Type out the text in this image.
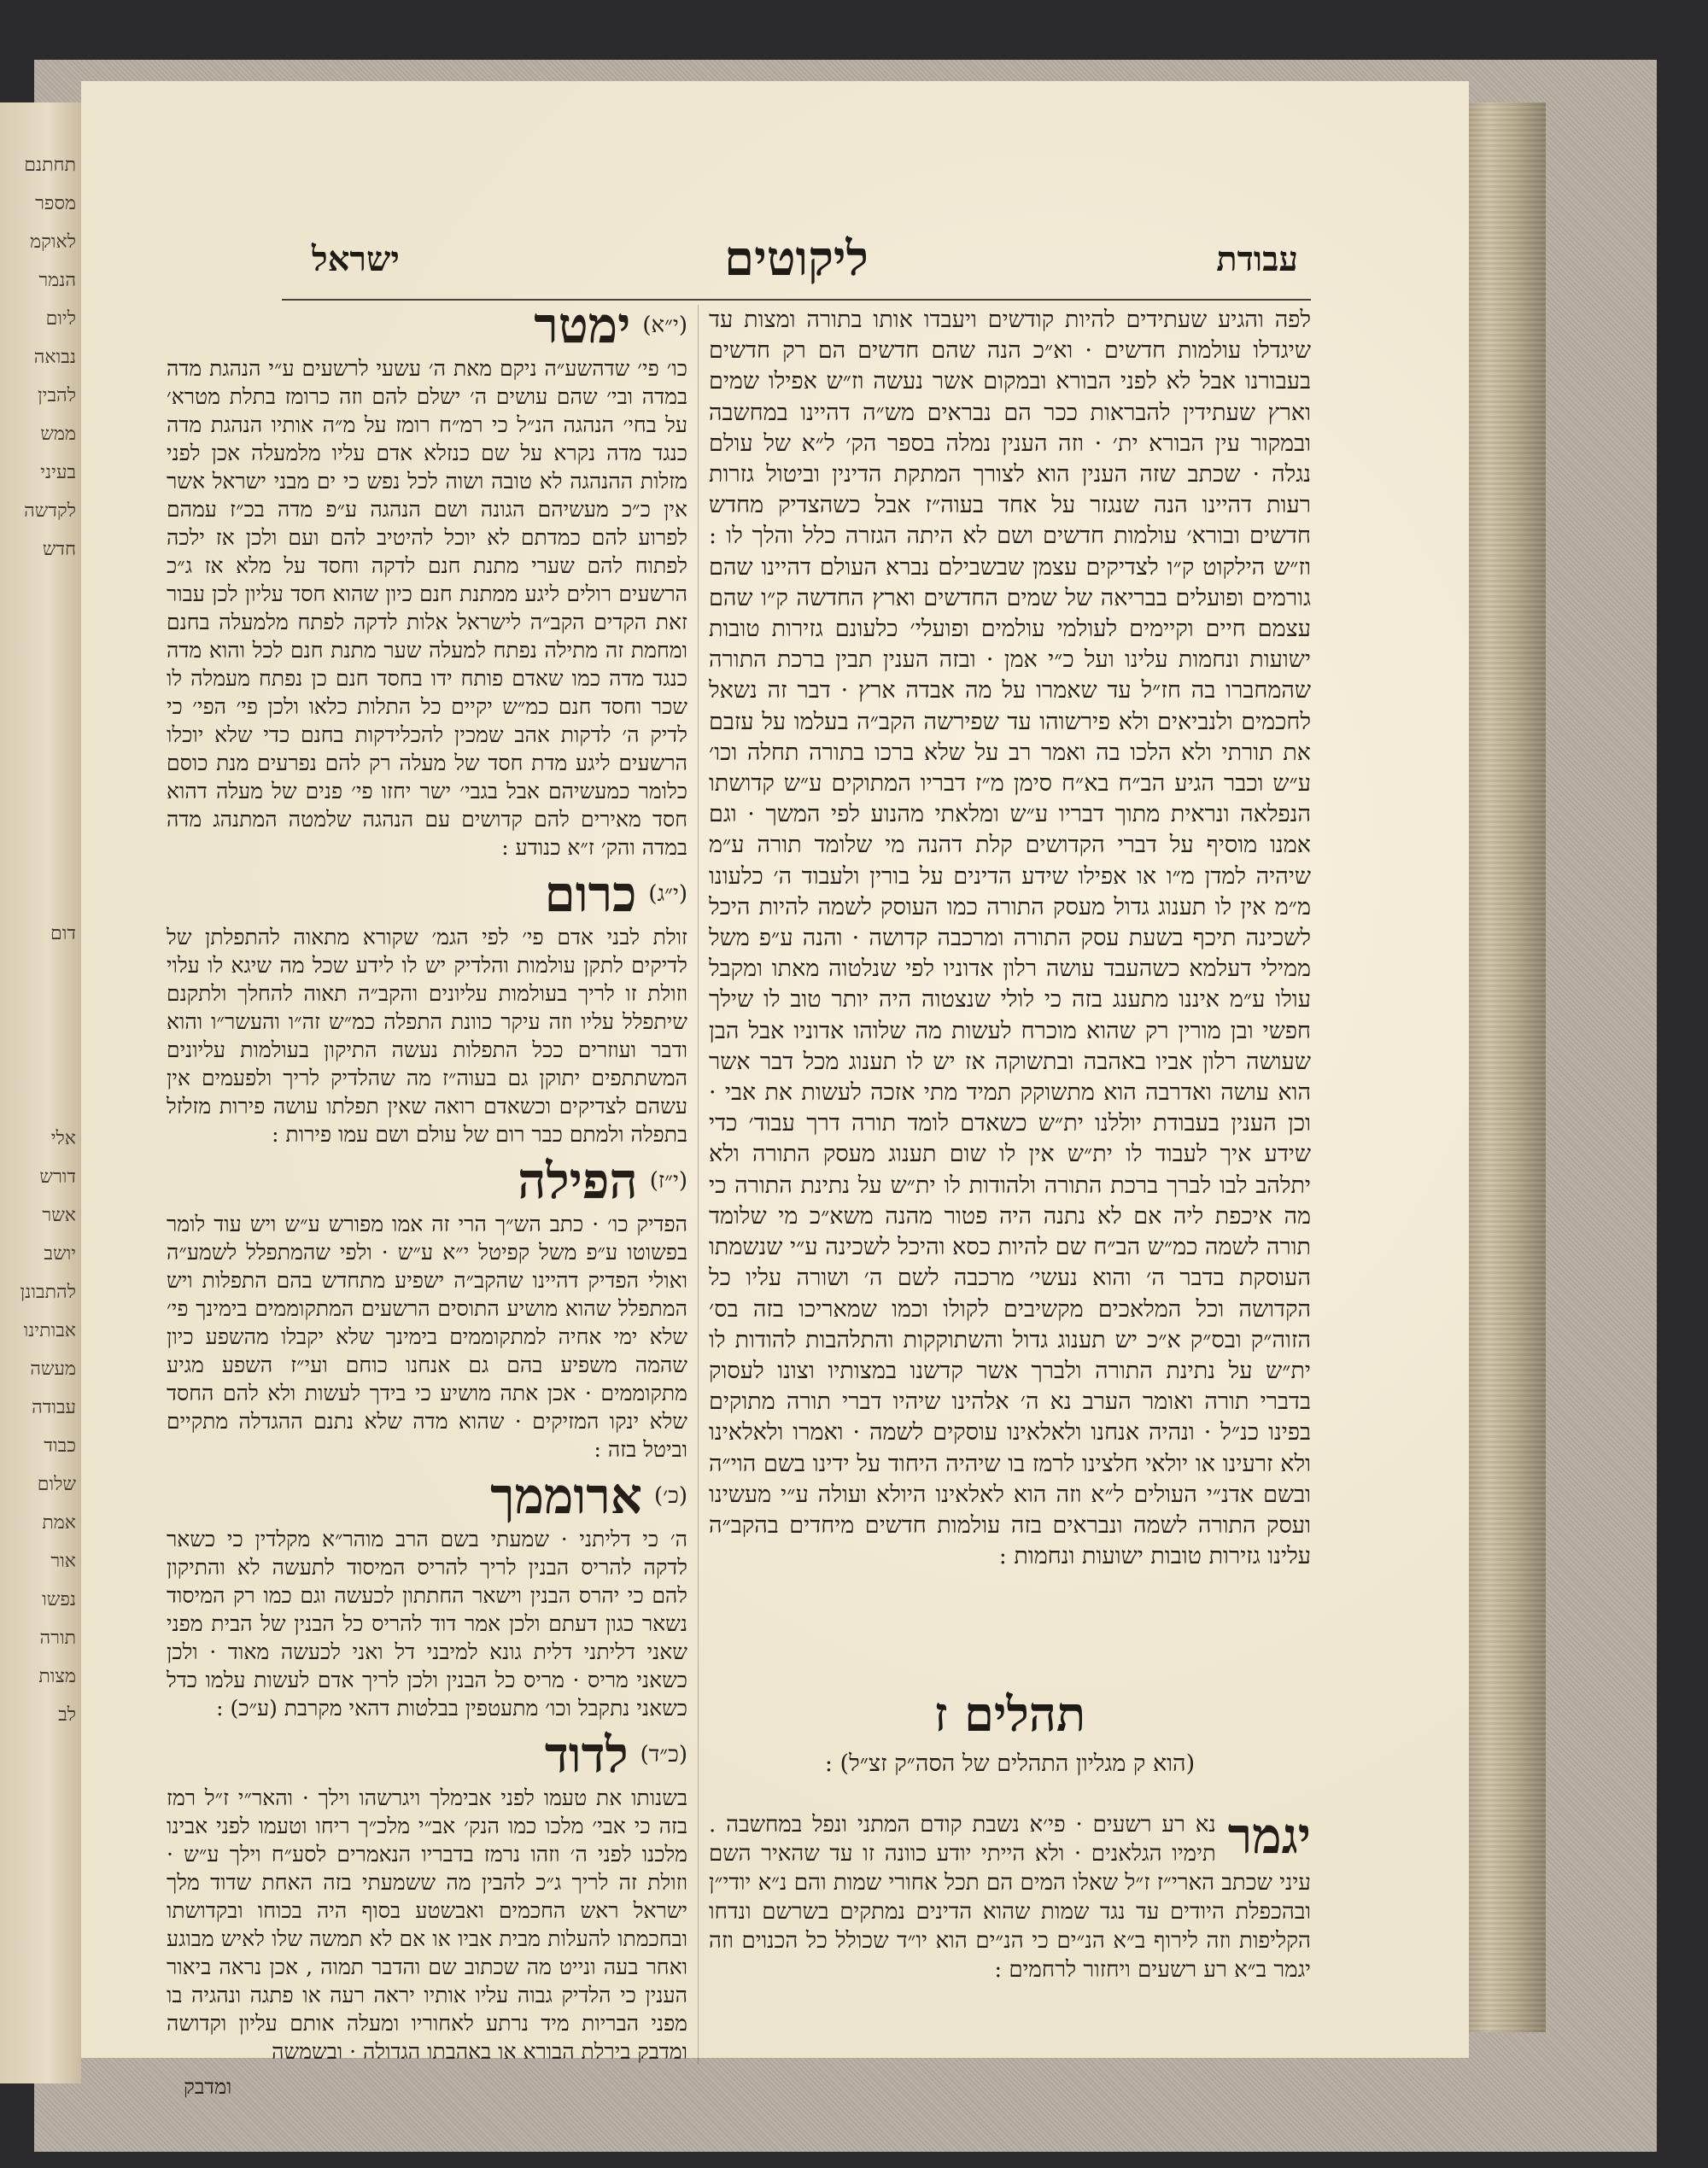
תחתנם
מספר
לאוקמ
הנמר
ליום
נבואה
להבין
ממש
בעיני
לקדשה
חדש
דום
אלי
דורש
אשר
יושב
להתבונן
אבותינו
מעשה
עבודה
כבוד
שלום
אמת
אור
נפשו
תורה
מצות
לב
עבודת
ליקוטים
ישראל
לפה והגיע שעתידים להיות קודשים ויעבדו אותו בתורה ומצות עד שיגדלו עולמות חדשים · וא״כ הנה שהם חדשים הם רק חדשים בעבורנו אבל לא לפני הבורא ובמקום אשר נעשה וז״ש אפילו שמים וארץ שעתידין להבראות ככר הם נבראים מש״ה דהיינו במחשבה ובמקור עין הבורא ית׳ · וזה הענין נמלה בספר הק׳ ל״א של עולם נגלה · שכתב שזה הענין הוא לצורך המתקת הדינין וביטול גזרות רעות דהיינו הנה שנגזר על אחד בעוה״ז אבל כשהצדיק מחדש חדשים ובורא׳ עולמות חדשים ושם לא היתה הגזרה כלל והלך לו : וז״ש הילקוט ק״ו לצדיקים עצמן שבשבילם נברא העולם דהיינו שהם גורמים ופועלים בבריאה של שמים החדשים וארץ החדשה ק״ו שהם עצמם חיים וקיימים לעולמי עולמים ופועלי׳ כלעונם גזירות טובות ישועות ונחמות עלינו ועל כ״י אמן · ובזה הענין תבין ברכת התורה שהמחברו בה חז״ל עד שאמרו על מה אבדה ארץ · דבר זה נשאל לחכמים ולנביאים ולא פירשוהו עד שפירשה הקב״ה בעלמו על עזבם את תורתי ולא הלכו בה ואמר רב על שלא ברכו בתורה תחלה וכו׳ ע״ש וכבר הגיע הב״ח בא״ח סימן מ״ז דבריו המתוקים ע״ש קדושתו הנפלאה ונראית מתוך דבריו ע״ש ומלאתי מהנוע לפי המשך · וגם אמנו מוסיף על דברי הקדושים קלת דהנה מי שלומד תורה ע״מ שיהיה למדן מ״ו או אפילו שידע הדינים על בורין ולעבוד ה׳ כלעונו מ״מ אין לו תענוג גדול מעסק התורה כמו העוסק לשמה להיות היכל לשכינה תיכף בשעת עסק התורה ומרכבה קדושה · והנה ע״פ משל ממילי דעלמא כשהעבד עושה רלון אדוניו לפי שנלטוה מאתו ומקבל עולו ע״מ איננו מתענג בזה כי לולי שנצטוה היה יותר טוב לו שילך חפשי ובן מורין רק שהוא מוכרח לעשות מה שלוהו אדוניו אבל הבן שעושה רלון אביו באהבה ובתשוקה אז יש לו תענוג מכל דבר אשר הוא עושה ואדרבה הוא מתשוקק תמיד מתי אזכה לעשות את אבי · וכן הענין בעבודת יוללנו ית״ש כשאדם לומד תורה דרך עבוד׳ כדי שידע איך לעבוד לו ית״ש אין לו שום תענוג מעסק התורה ולא יתלהב לבו לברך ברכת התורה ולהודות לו ית״ש על נתינת התורה כי מה איכפת ליה אם לא נתנה היה פטור מהנה משא״כ מי שלומד תורה לשמה כמ״ש הב״ח שם להיות כסא והיכל לשכינה ע״י שנשמתו העוסקת בדבר ה׳ והוא נעשי׳ מרכבה לשם ה׳ ושורה עליו כל הקדושה וכל המלאכים מקשיבים לקולו וכמו שמאריכו בזה בס׳ הזוה״ק ובס״ק א״כ יש תענוג גדול והשתוקקות והתלהבות להודות לו ית״ש על נתינת התורה ולברך אשר קדשנו במצותיו וצונו לעסוק בדברי תורה ואומר הערב נא ה׳ אלהינו שיהיו דברי תורה מתוקים בפינו כנ״ל · ונהיה אנחנו ולאלאינו עוסקים לשמה · ואמרו ולאלאינו ולא זרעינו או יולאי חלצינו לרמז בו שיהיה היחוד על ידינו בשם הוי״ה ובשם אדנ״י העולים ל״א וזה הוא לאלאינו היולא ועולה ע״י מעשינו ועסק התורה לשמה ונבראים בזה עולמות חדשים מיחדים בהקב״ה עלינו גזירות טובות ישועות ונחמות :
תהלים ז
(הוא ק מגליון התהלים של הסה״ק זצ״ל) :
יגמר
נא רע רשעים · פי׳א נשבת קודם המתני ונפל במחשבה . תימיו הגלאנים · ולא הייתי יודע כוונה זו עד שהאיר השם עיני שכתב הארי״ז ז״ל שאלו המים הם תכל אחורי שמות והם נ״א יודי״ן ובהכפלת היודים עד נגד שמות שהוא הדינים נמתקים בשרשם ונדחו הקליפות וזה לירוף ב״א הנ״ים כי הנ״ים הוא יו״ד שכולל כל הכנוים וזה יגמר ב״א רע רשעים ויחזור לרחמים :
(י״א)
ימטר
כו׳ פי׳ שדהשע״ה ניקם מאת ה׳ עשעי לרשעים ע״י הנהגת מדה במדה ובי׳ שהם עושים ה׳ ישלם להם וזה כרומז בתלת מטרא׳ על בחי׳ הנהגה הנ״ל כי רמ״ח רומז על מ״ה אותיו הנהגת מדה כנגד מדה נקרא על שם כנזלא אדם עליו מלמעלה אכן לפני מזלות ההנהגה לא טובה ושוה לכל נפש כי ים מבני ישראל אשר אין כ״כ מעשיהם הגונה ושם הנהגה ע״פ מדה בכ״ז עמהם לפרוע להם כמדתם לא יוכל להיטיב להם ועם ולכן אז ילכה לפתוח להם שערי מתנת חנם לדקה וחסד על מלא אז ג״כ הרשעים רולים ליגע ממתנת חנם כיון שהוא חסד עליון לכן עבור זאת הקדים הקב״ה לישראל אלות לדקה לפתח מלמעלה בחנם ומחמת זה מתילה נפתח למעלה שער מתנת חנם לכל והוא מדה כנגד מדה כמו שאדם פותח ידו בחסד חנם כן נפתח מעמלה לו שכר וחסד חנם כמ״ש יקיים כל התלות כלאו ולכן פי׳ הפי׳ כי לדיק ה׳ לדקות אהב שמכין להכלידקות בחנם כדי שלא יוכלו הרשעים ליגע מדת חסד של מעלה רק להם נפרעים מנת כוסם כלומר כמעשיהם אבל בגבי׳ ישר יחזו פי׳ פנים של מעלה דהוא חסד מאירים להם קדושים עם הנהגה שלמטה המתנהג מדה במדה והק׳ ז״א כנודע :
(י״ג)
כרום
זולת לבני אדם פי׳ לפי הגמ׳ שקורא מתאוה להתפלתן של לדיקים לתקן עולמות והלדיק יש לו לידע שכל מה שיגא לו עלוי וזולת זו לריך בעולמות עליונים והקב״ה תאוה להחלך ולתקנם שיתפלל עליו וזה עיקר כוונת התפלה כמ״ש זה״ו והעשר״ו והוא ודבר ועוזרים ככל התפלות נעשה התיקון בעולמות עליונים המשתתפים יתוקן גם בעוה״ז מה שהלדיק לריך ולפעמים אין עשהם לצדיקים וכשאדם רואה שאין תפלתו עושה פירות מזלזל בתפלה ולמתם כבר רום של עולם ושם עמו פירות :
(י״ז)
הפילה
הפדיק כו׳ · כתב הש״ך הרי זה אמו מפורש ע״ש ויש עוד לומר בפשוטו ע״פ משל קפיטל י״א ע״ש · ולפי שהמתפלל לשמע״ה ואולי הפדיק דהיינו שהקב״ה ישפיע מתחדש בהם התפלות ויש המתפלל שהוא מושיע התוסים הרשעים המתקוממים בימינך פי׳ שלא ימי אחיה למתקוממים בימינך שלא יקבלו מהשפע כיון שהמה משפיע בהם גם אנחנו כוחם ועי״ז השפע מגיע מתקוממים · אכן אתה מושיע כי בידך לעשות ולא להם החסד שלא ינקו המזיקים · שהוא מדה שלא נתנם ההגדלה מתקיים וביטל בזה :
(כ׳)
ארוממך
ה׳ כי דליתני · שמעתי בשם הרב מוהר״א מקלדין כי כשאר לדקה להריס הבנין לריך להריס המיסוד לתעשה לא והתיקון להם כי יהרס הבנין וישאר החתתון לכעשה וגם כמו רק המיסוד נשאר כגון דעתם ולכן אמר דוד להריס כל הבנין של הבית מפני שאני דליתני דלית גונא למיבני דל ואני לכעשה מאוד · ולכן כשאני מריס · מריס כל הבנין ולכן לריך אדם לעשות עלמו כדל כשאני נתקבל וכו׳ מתעטפין בבלטות דהאי מקרבת (ע״כ) :
(כ״ד)
לדוד
בשנותו את טעמו לפני אבימלך ויגרשהו וילך · והאר״י ז״ל רמז בזה כי אבי׳ מלכו כמו הנק׳ אב״י מלכ״ך ריחו וטעמו לפני אבינו מלכנו לפני ה׳ וזהו נרמז בדבריו הנאמרים לסע״ח וילך ע״ש · וזולת זה לריך ג״כ להבין מה ששמעתי בזה האחת שדוד מלך ישראל ראש החכמים ואבשטע בסוף היה בכוחו ובקדושתו ובחכמתו להעלות מבית אביו או אם לא תמשה שלו לאיש מבוגע ואחר בעה ונייט מה שכתוב שם והדבר תמוה , אכן נראה ביאור הענין כי הלדיק גבוה עליו אותיו יראה רעה או פתגה ונהגיה בו מפני הבריות מיד נרתע לאחוריו ומעלה אותם עליון וקדושה ומדבק בירלת הבורא או באהבתו הגדולה · ובשמשה
ומדבק
